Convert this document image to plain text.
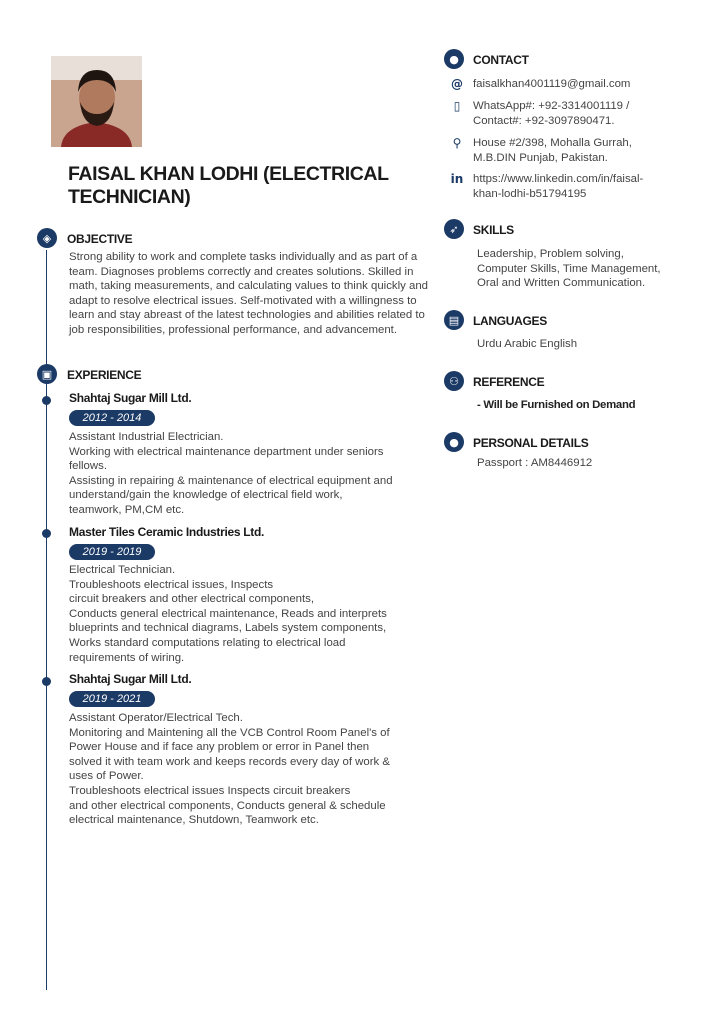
FAISAL KHAN LODHI (ELECTRICAL TECHNICIAN)
◈	OBJECTIVE
Strong ability to work and complete tasks individually and as part of a team. Diagnoses problems correctly and creates solutions. Skilled in math, taking measurements, and calculating values to think quickly and adapt to resolve electrical issues. Self-motivated with a willingness to learn and stay abreast of the latest technologies and abilities related to job responsibilities, professional performance, and advancement.
▣	EXPERIENCE
Shahtaj Sugar Mill Ltd.
2012 - 2014
Assistant Industrial Electrician.
Working with electrical maintenance department under seniors
fellows.
Assisting in repairing & maintenance of electrical equipment and
understand/gain the knowledge of electrical field work,
teamwork, PM,CM etc.
Master Tiles Ceramic Industries Ltd.
2019 - 2019
Electrical Technician.
Troubleshoots electrical issues, Inspects
circuit breakers and other electrical components,
Conducts general electrical maintenance, Reads and interprets
blueprints and technical diagrams, Labels system components,
Works standard computations relating to electrical load
requirements of wiring.
Shahtaj Sugar Mill Ltd.
2019 - 2021
Assistant Operator/Electrical Tech.
Monitoring and Maintening all the VCB Control Room Panel's of
Power House and if face any problem or error in Panel then
solved it with team work and keeps records every day of work &
uses of Power.
Troubleshoots electrical issues Inspects circuit breakers
and other electrical components, Conducts general & schedule
electrical maintenance, Shutdown, Teamwork etc.
●	CONTACT
@ faisalkhan4001119@gmail.com
▯	WhatsApp#: +92-3314001119 /
Contact#: +92-3097890471.
⚲ House #2/398, Mohalla Gurrah,
M.B.DIN Punjab, Pakistan.
in https://www.linkedin.com/in/faisal-
khan-lodhi-b51794195
➶	SKILLS
Leadership, Problem solving,
Computer Skills, Time Management,
Oral and Written Communication.
▤	LANGUAGES
Urdu Arabic English
⚇	REFERENCE
- Will be Furnished on Demand
●	PERSONAL DETAILS
Passport : AM8446912
